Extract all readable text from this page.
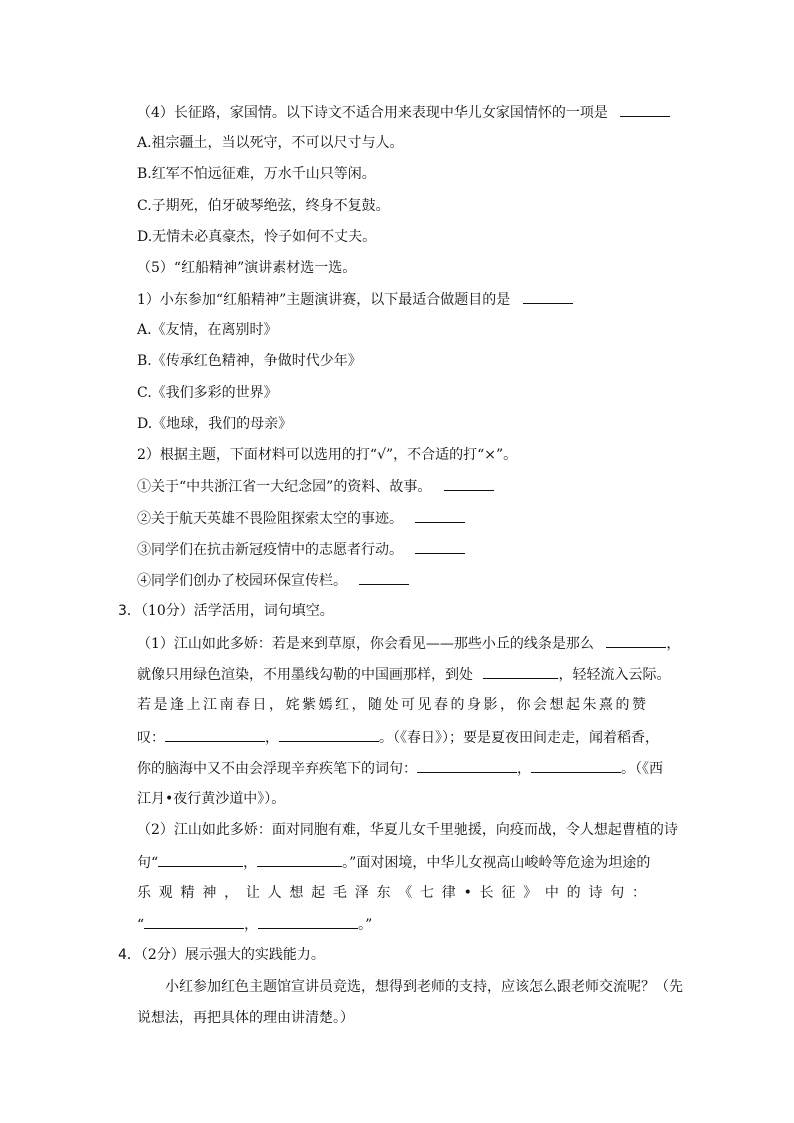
（4）长征路，家国情。以下诗文不适合用来表现中华儿女家国情怀的一项是
A.祖宗疆土，当以死守，不可以尺寸与人。
B.红军不怕远征难，万水千山只等闲。
C.子期死，伯牙破琴绝弦，终身不复鼓。
D.无情未必真豪杰，怜子如何不丈夫。
（5）“红船精神”演讲素材选一选。
1）小东参加“红船精神”主题演讲赛，以下最适合做题目的是
A.《友情，在离别时》
B.《传承红色精神，争做时代少年》
C.《我们多彩的世界》
D.《地球，我们的母亲》
2）根据主题，下面材料可以选用的打“√”，不合适的打“×”。
①关于“中共浙江省一大纪念园”的资料、故事。
②关于航天英雄不畏险阻探索太空的事迹。
③同学们在抗击新冠疫情中的志愿者行动。
④同学们创办了校园环保宣传栏。
3．（10分）活学活用，词句填空。
（1）江山如此多娇：若是来到草原，你会看见——那些小丘的线条是那么	，
就像只用绿色渲染，不用墨线勾勒的中国画那样，到处	，轻轻流入云际。
若是逢上江南春日，姹紫嫣红，随处可见春的身影，你会想起朱熹的赞
叹：	，	。（《春日》）；要是夏夜田间走走，闻着稻香，
你的脑海中又不由会浮现辛弃疾笔下的词句：	，	。（《西
江月•夜行黄沙道中》）。
（2）江山如此多娇：面对同胞有难，华夏儿女千里驰援，向疫而战，令人想起曹植的诗
句“	，	。”面对困境，中华儿女视高山峻岭等危途为坦途的
乐观精神，让人想起毛泽东《七律•长征》中的诗句：
“	，	。”
4．（2分）展示强大的实践能力。
小红参加红色主题馆宣讲员竞选，想得到老师的支持，应该怎么跟老师交流呢？（先
说想法，再把具体的理由讲清楚。）
